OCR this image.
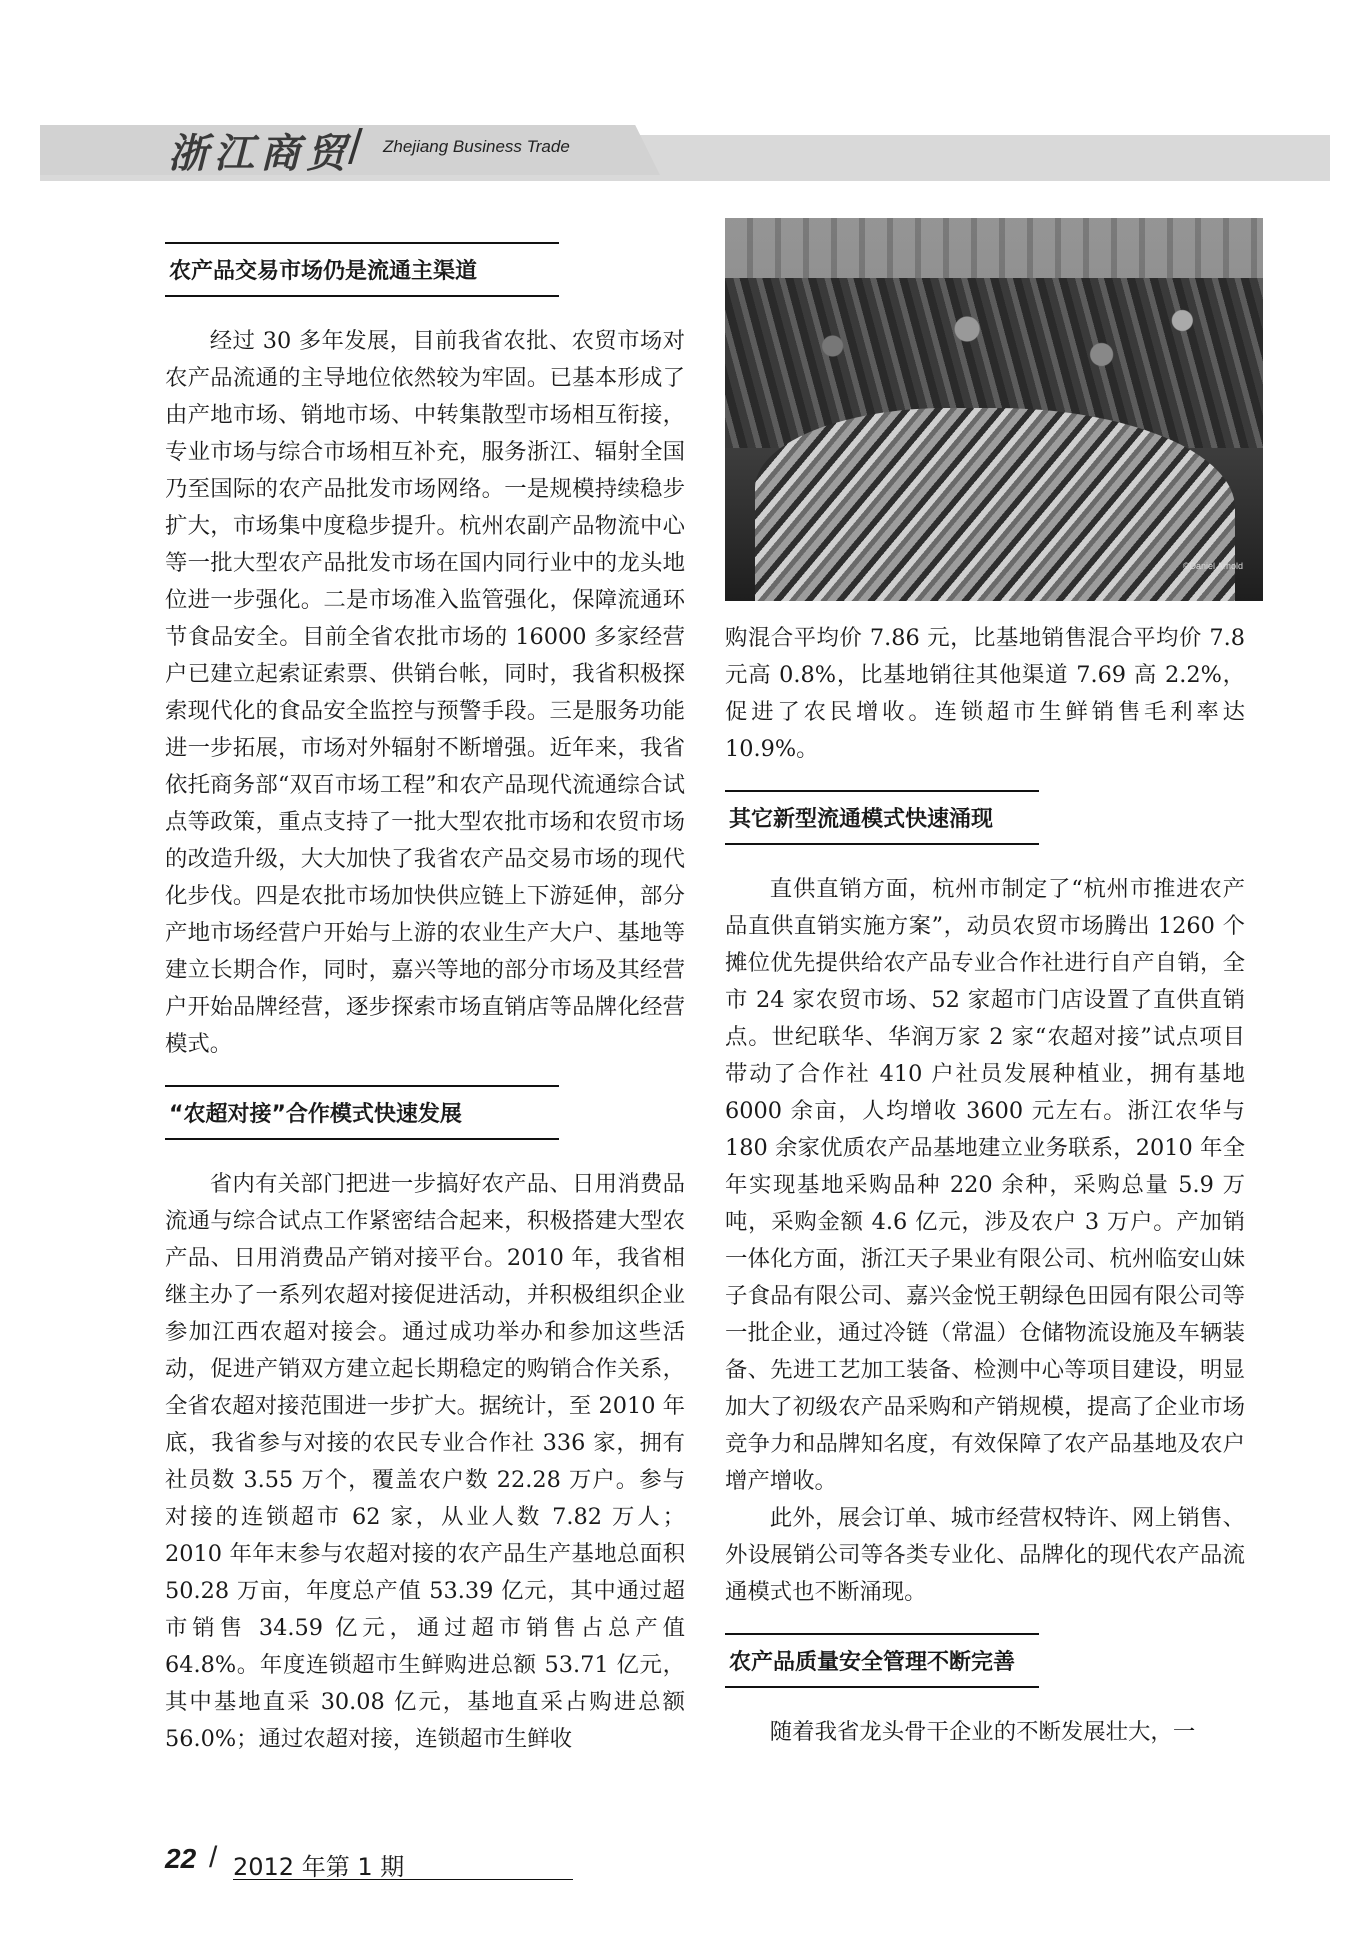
浙江商贸
/ Zhejiang Business Trade
©Daniel Arnold
农产品交易市场仍是流通主渠道

经过 30 多年发展，目前我省农批、农贸市场对农产品流通的主导地位依然较为牢固。已基本形成了由产地市场、销地市场、中转集散型市场相互衔接，专业市场与综合市场相互补充，服务浙江、辐射全国乃至国际的农产品批发市场网络。一是规模持续稳步扩大，市场集中度稳步提升。杭州农副产品物流中心等一批大型农产品批发市场在国内同行业中的龙头地位进一步强化。二是市场准入监管强化，保障流通环节食品安全。目前全省农批市场的 16000 多家经营户已建立起索证索票、供销台帐，同时，我省积极探索现代化的食品安全监控与预警手段。三是服务功能进一步拓展，市场对外辐射不断增强。近年来，我省依托商务部“双百市场工程”和农产品现代流通综合试点等政策，重点支持了一批大型农批市场和农贸市场的改造升级，大大加快了我省农产品交易市场的现代化步伐。四是农批市场加快供应链上下游延伸，部分产地市场经营户开始与上游的农业生产大户、基地等建立长期合作，同时，嘉兴等地的部分市场及其经营户开始品牌经营，逐步探索市场直销店等品牌化经营模式。

“农超对接”合作模式快速发展

省内有关部门把进一步搞好农产品、日用消费品流通与综合试点工作紧密结合起来，积极搭建大型农产品、日用消费品产销对接平台。2010 年，我省相继主办了一系列农超对接促进活动，并积极组织企业参加江西农超对接会。通过成功举办和参加这些活动，促进产销双方建立起长期稳定的购销合作关系，全省农超对接范围进一步扩大。据统计，至 2010 年底，我省参与对接的农民专业合作社 336 家，拥有社员数 3.55 万个，覆盖农户数 22.28 万户。参与对接的连锁超市 62 家，从业人数 7.82 万人；2010 年年末参与农超对接的农产品生产基地总面积 50.28 万亩，年度总产值 53.39 亿元，其中通过超市销售 34.59 亿元，通过超市销售占总产值 64.8%。年度连锁超市生鲜购进总额 53.71 亿元，其中基地直采 30.08 亿元，基地直采占购进总额 56.0%；通过农超对接，连锁超市生鲜收

购混合平均价 7.86 元，比基地销售混合平均价 7.8 元高 0.8%，比基地销往其他渠道 7.69 高 2.2%，促进了农民增收。连锁超市生鲜销售毛利率达 10.9%。

其它新型流通模式快速涌现

直供直销方面，杭州市制定了“杭州市推进农产品直供直销实施方案”，动员农贸市场腾出 1260 个摊位优先提供给农产品专业合作社进行自产自销，全市 24 家农贸市场、52 家超市门店设置了直供直销点。世纪联华、华润万家 2 家“农超对接”试点项目带动了合作社 410 户社员发展种植业，拥有基地 6000 余亩，人均增收 3600 元左右。浙江农华与 180 余家优质农产品基地建立业务联系，2010 年全年实现基地采购品种 220 余种，采购总量 5.9 万吨，采购金额 4.6 亿元，涉及农户 3 万户。产加销一体化方面，浙江天子果业有限公司、杭州临安山妹子食品有限公司、嘉兴金悦王朝绿色田园有限公司等一批企业，通过冷链（常温）仓储物流设施及车辆装备、先进工艺加工装备、检测中心等项目建设，明显加大了初级农产品采购和产销规模，提高了企业市场竞争力和品牌知名度，有效保障了农产品基地及农户增产增收。

此外，展会订单、城市经营权特许、网上销售、外设展销公司等各类专业化、品牌化的现代农产品流通模式也不断涌现。

农产品质量安全管理不断完善

随着我省龙头骨干企业的不断发展壮大，一

22 / 2012 年第 1 期
